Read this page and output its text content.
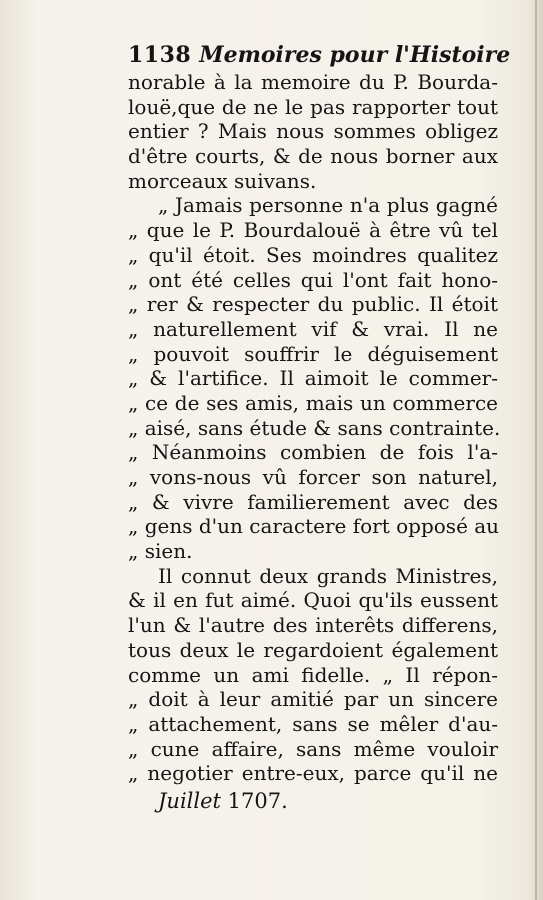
1138 Memoires pour l'Histoire
norable à la memoire du P. Bourda-
louë,que de ne le pas rapporter tout
entier ? Mais nous sommes obligez
d'être courts, & de nous borner aux
morceaux suivans.
„ Jamais personne n'a plus gagné
„ que le P. Bourdalouë à être vû tel
„ qu'il étoit. Ses moindres qualitez
„ ont été celles qui l'ont fait hono-
„ rer & respecter du public. Il étoit
„ naturellement vif & vrai. Il ne
„ pouvoit souffrir le déguisement
„ & l'artifice. Il aimoit le commer-
„ ce de ses amis, mais un commerce
„ aisé, sans étude & sans contrainte.
„ Néanmoins combien de fois l'a-
„ vons-nous vû forcer son naturel,
„ & vivre familierement avec des
„ gens d'un caractere fort opposé au
„ sien.
Il connut deux grands Ministres,
& il en fut aimé. Quoi qu'ils eussent
l'un & l'autre des interêts differens,
tous deux le regardoient également
comme un ami fidelle. „ Il répon-
„ doit à leur amitié par un sincere
„ attachement, sans se mêler d'au-
„ cune affaire, sans même vouloir
„ negotier entre-eux, parce qu'il ne
Juillet 1707.
